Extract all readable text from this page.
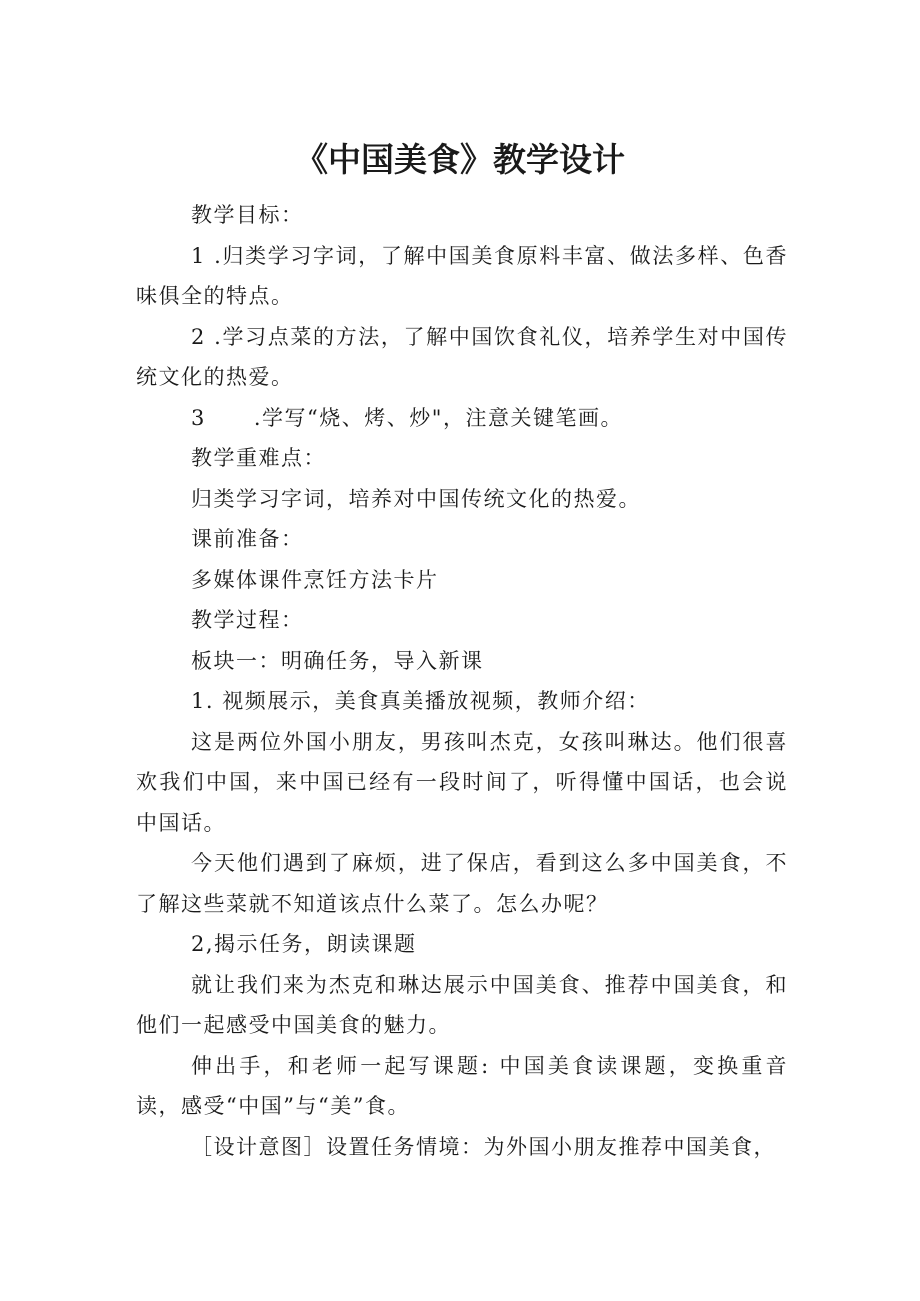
《中国美食》教学设计

教学目标：

1 .归类学习字词，了解中国美食原料丰富、做法多样、色香味俱全的特点。

2 .学习点菜的方法，了解中国饮食礼仪，培养学生对中国传统文化的热爱。

3 .学写“烧、烤、炒"，注意关键笔画。

教学重难点：

归类学习字词，培养对中国传统文化的热爱。

课前准备：

多媒体课件烹饪方法卡片

教学过程：

板块一：明确任务，导入新课

1. 视频展示，美食真美播放视频，教师介绍：

这是两位外国小朋友，男孩叫杰克，女孩叫琳达。他们很喜欢我们中国，来中国已经有一段时间了，听得懂中国话，也会说中国话。

今天他们遇到了麻烦，进了保店，看到这么多中国美食，不了解这些菜就不知道该点什么菜了。怎么办呢？

2,揭示任务，朗读课题

就让我们来为杰克和琳达展示中国美食、推荐中国美食，和他们一起感受中国美食的魅力。

伸出手，和老师一起写课题: 中国美食读课题，变换重音读，感受“中国”与“美”食。

［设计意图］设置任务情境：为外国小朋友推荐中国美食，
